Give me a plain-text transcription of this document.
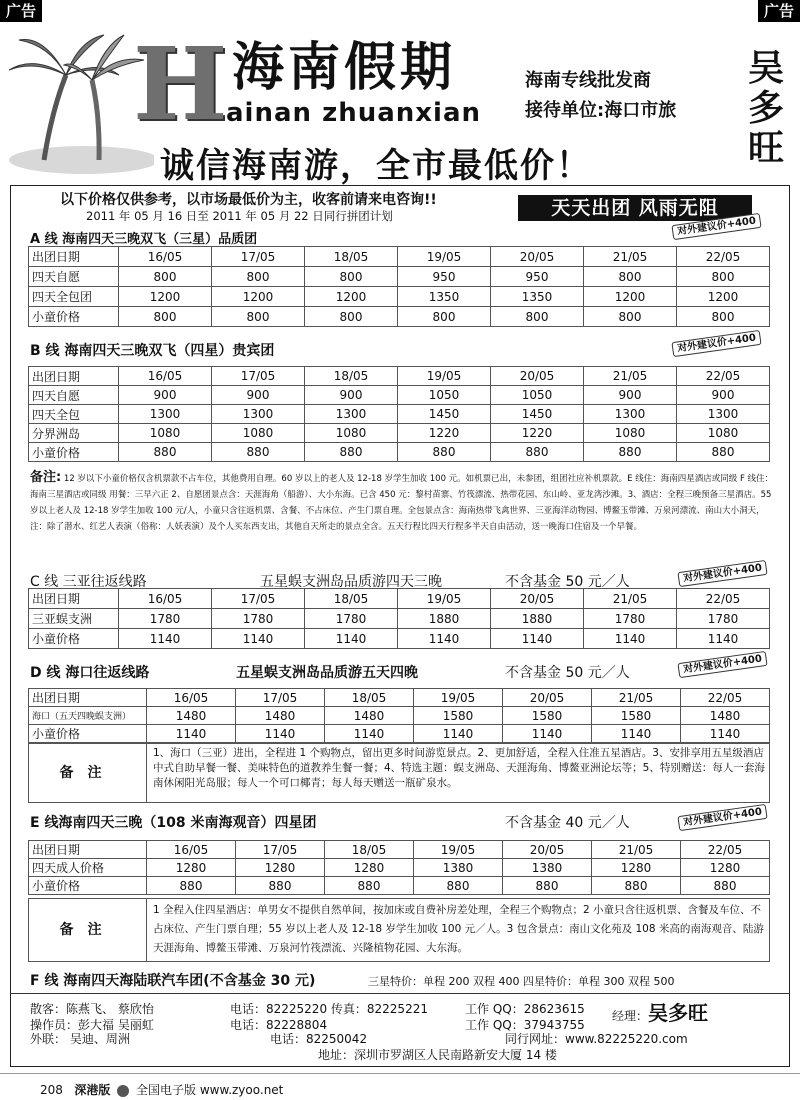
广告	广告
H 海南假期
ainan zhuanxian
海南专线批发商
接待单位:海口市旅
吴多旺
诚信海南游，全市最低价！
以下价格仅供参考，以市场最低价为主，收客前请来电咨询!!
2011 年 05 月 16 日至 2011 年 05 月 22 日同行拼团计划	天天出团 风雨无阻
A 线 海南四天三晚双飞（三星）品质团
对外建议价+400
出团日期	16/05	17/05	18/05	19/05	20/05	21/05	22/05
四天自愿	800	800	800	950	950	800	800
四天全包团	1200	1200	1200	1350	1350	1200	1200
小童价格	800	800	800	800	800	800	800
B 线 海南四天三晚双飞（四星）贵宾团	对外建议价+400
出团日期	16/05	17/05	18/05	19/05	20/05	21/05	22/05
四天自愿	900	900	900	1050	1050	900	900
四天全包	1300	1300	1300	1450	1450	1300	1300
分界洲岛	1080	1080	1080	1220	1220	1080	1080
小童价格	880	880	880	880	880	880	880
备注: 12 岁以下小童价格仅含机票款不占车位，其他费用自理。60 岁以上的老人及 12-18 岁学生加收 100 元。如机票已出，未参团，组团社应补机票款。E 线住：海南四星酒店或同级 F 线住：海南三星酒店或同级 用餐：三早六正 2、自愿团景点含：天涯海角（船游）、大小东海。已含 450 元：黎村苗寨、竹筏漂流、热带花园、东山岭、亚龙湾沙滩。3、酒店：全程三晚预备三星酒店。55 岁以上老人及 12-18 岁学生加收 100 元/人，小童只含往返机票、含餐、不占床位、产生门票自理。全包景点含：海南热带飞禽世界、三亚海洋动物园、博鳌玉带滩、万泉河漂流、南山大小洞天，注：除了潜水、红艺人表演（俗称：人妖表演）及个人买东西支出，其他自天所走的景点全含。五天行程比四天行程多半天自由活动，送一晚海口住宿及一个早餐。
C 线 三亚往返线路	五星蜈支洲岛品质游四天三晚	不含基金 50 元／人	对外建议价+400
出团日期	16/05	17/05	18/05	19/05	20/05	21/05	22/05
三亚蜈支洲	1780	1780	1780	1880	1880	1780	1780
小童价格	1140	1140	1140	1140	1140	1140	1140
D 线 海口往返线路	五星蜈支洲岛品质游五天四晚	不含基金 50 元／人	对外建议价+400
出团日期	16/05	17/05	18/05	19/05	20/05	21/05	22/05
海口（五天四晚蜈支洲）	1480	1480	1480	1580	1580	1580	1480
小童价格	1140	1140	1140	1140	1140	1140	1140
备注
1、海口（三亚）进出，全程进 1 个购物点，留出更多时间游览景点。2、更加舒适，全程入住准五星酒店。3、安排享用五星级酒店中式自助早餐一餐、美味特色的道教养生餐一餐；4、特选主题：蜈支洲岛、天涯海角、博鳌亚洲论坛等；5、特别赠送：每人一套海南休闲阳光岛服；每人一个可口椰青；每人每天赠送一瓶矿泉水。
E 线海南四天三晚（108 米南海观音）四星团	不含基金 40 元／人	对外建议价+400
出团日期	16/05	17/05	18/05	19/05	20/05	21/05	22/05
四天成人价格	1280	1280	1280	1380	1380	1280	1280
小童价格	880	880	880	880	880	880	880
备注
1 全程入住四星酒店：单男女不提供自然单间，按加床或自费补房差处理，全程三个购物点；2 小童只含往返机票、含餐及车位、不占床位、产生门票自理；55 岁以上老人及 12-18 岁学生加收 100 元／人。3 包含景点：南山文化苑及 108 米高的南海观音、陆游天涯海角、博鳌玉带滩、万泉河竹筏漂流、兴隆植物花园、大东海。
F 线 海南四天海陆联汽车团(不含基金 30 元)	三星特价：单程 200 双程 400 四星特价：单程 300 双程 500
散客：陈燕飞、 蔡欣怡
操作员：彭大福 吴丽虹
外联： 吴迪、周洲
电话：82225220 传真：82225221
电话：82228804
电话：82250042
工作 QQ：28623615
工作 QQ：37943755
同行网址：www.82225220.com
经理：吴多旺
地址：深圳市罗湖区人民南路新安大厦 14 楼
208 深港版 全国电子版 www.zyoo.net
